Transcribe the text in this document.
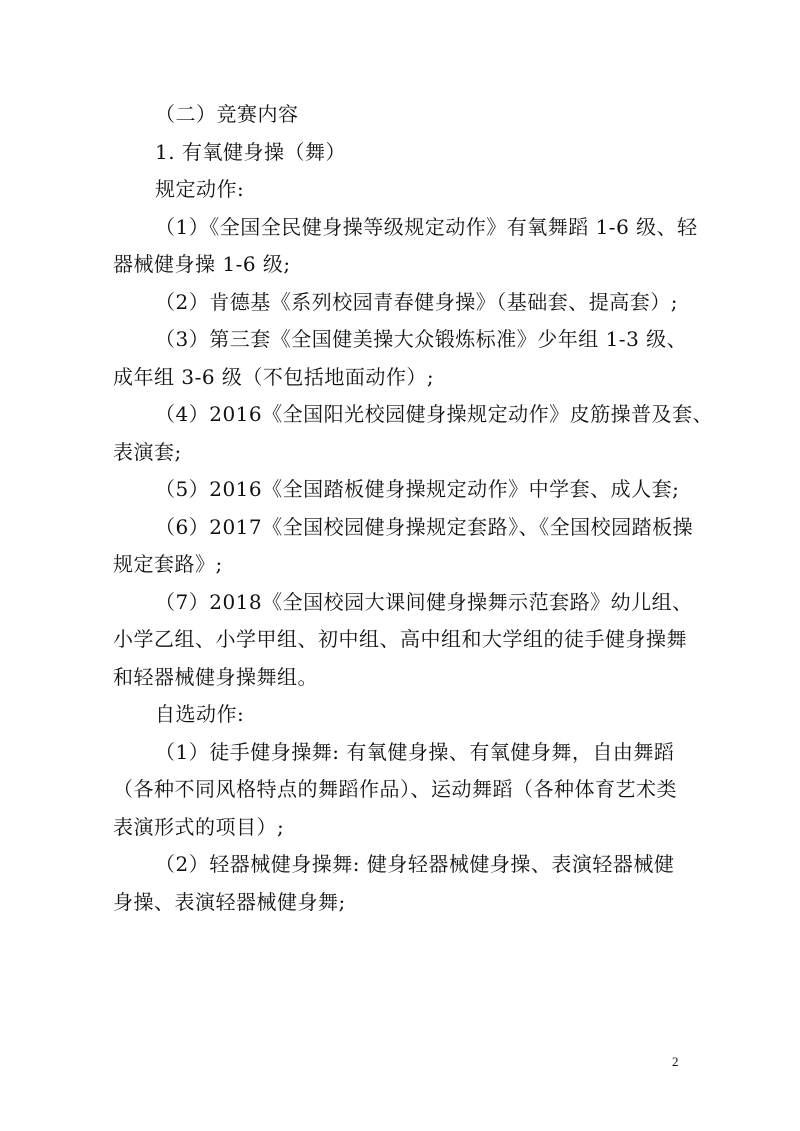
（二）竞赛内容
1. 有氧健身操（舞）
规定动作:
（1）《全国全民健身操等级规定动作》有氧舞蹈 1-6 级、轻
器械健身操 1-6 级;
（2）肯德基《系列校园青春健身操》（基础套、提高套）;
（3）第三套《全国健美操大众锻炼标准》少年组 1-3 级、
成年组 3-6 级（不包括地面动作）;
（4）2016《全国阳光校园健身操规定动作》皮筋操普及套、
表演套;
（5）2016《全国踏板健身操规定动作》中学套、成人套;
（6）2017《全国校园健身操规定套路》、《全国校园踏板操
规定套路》;
（7）2018《全国校园大课间健身操舞示范套路》幼儿组、
小学乙组、小学甲组、初中组、高中组和大学组的徒手健身操舞
和轻器械健身操舞组。
自选动作:
（1）徒手健身操舞: 有氧健身操、有氧健身舞，自由舞蹈
（各种不同风格特点的舞蹈作品）、运动舞蹈（各种体育艺术类
表演形式的项目）;
（2）轻器械健身操舞: 健身轻器械健身操、表演轻器械健
身操、表演轻器械健身舞;
2
